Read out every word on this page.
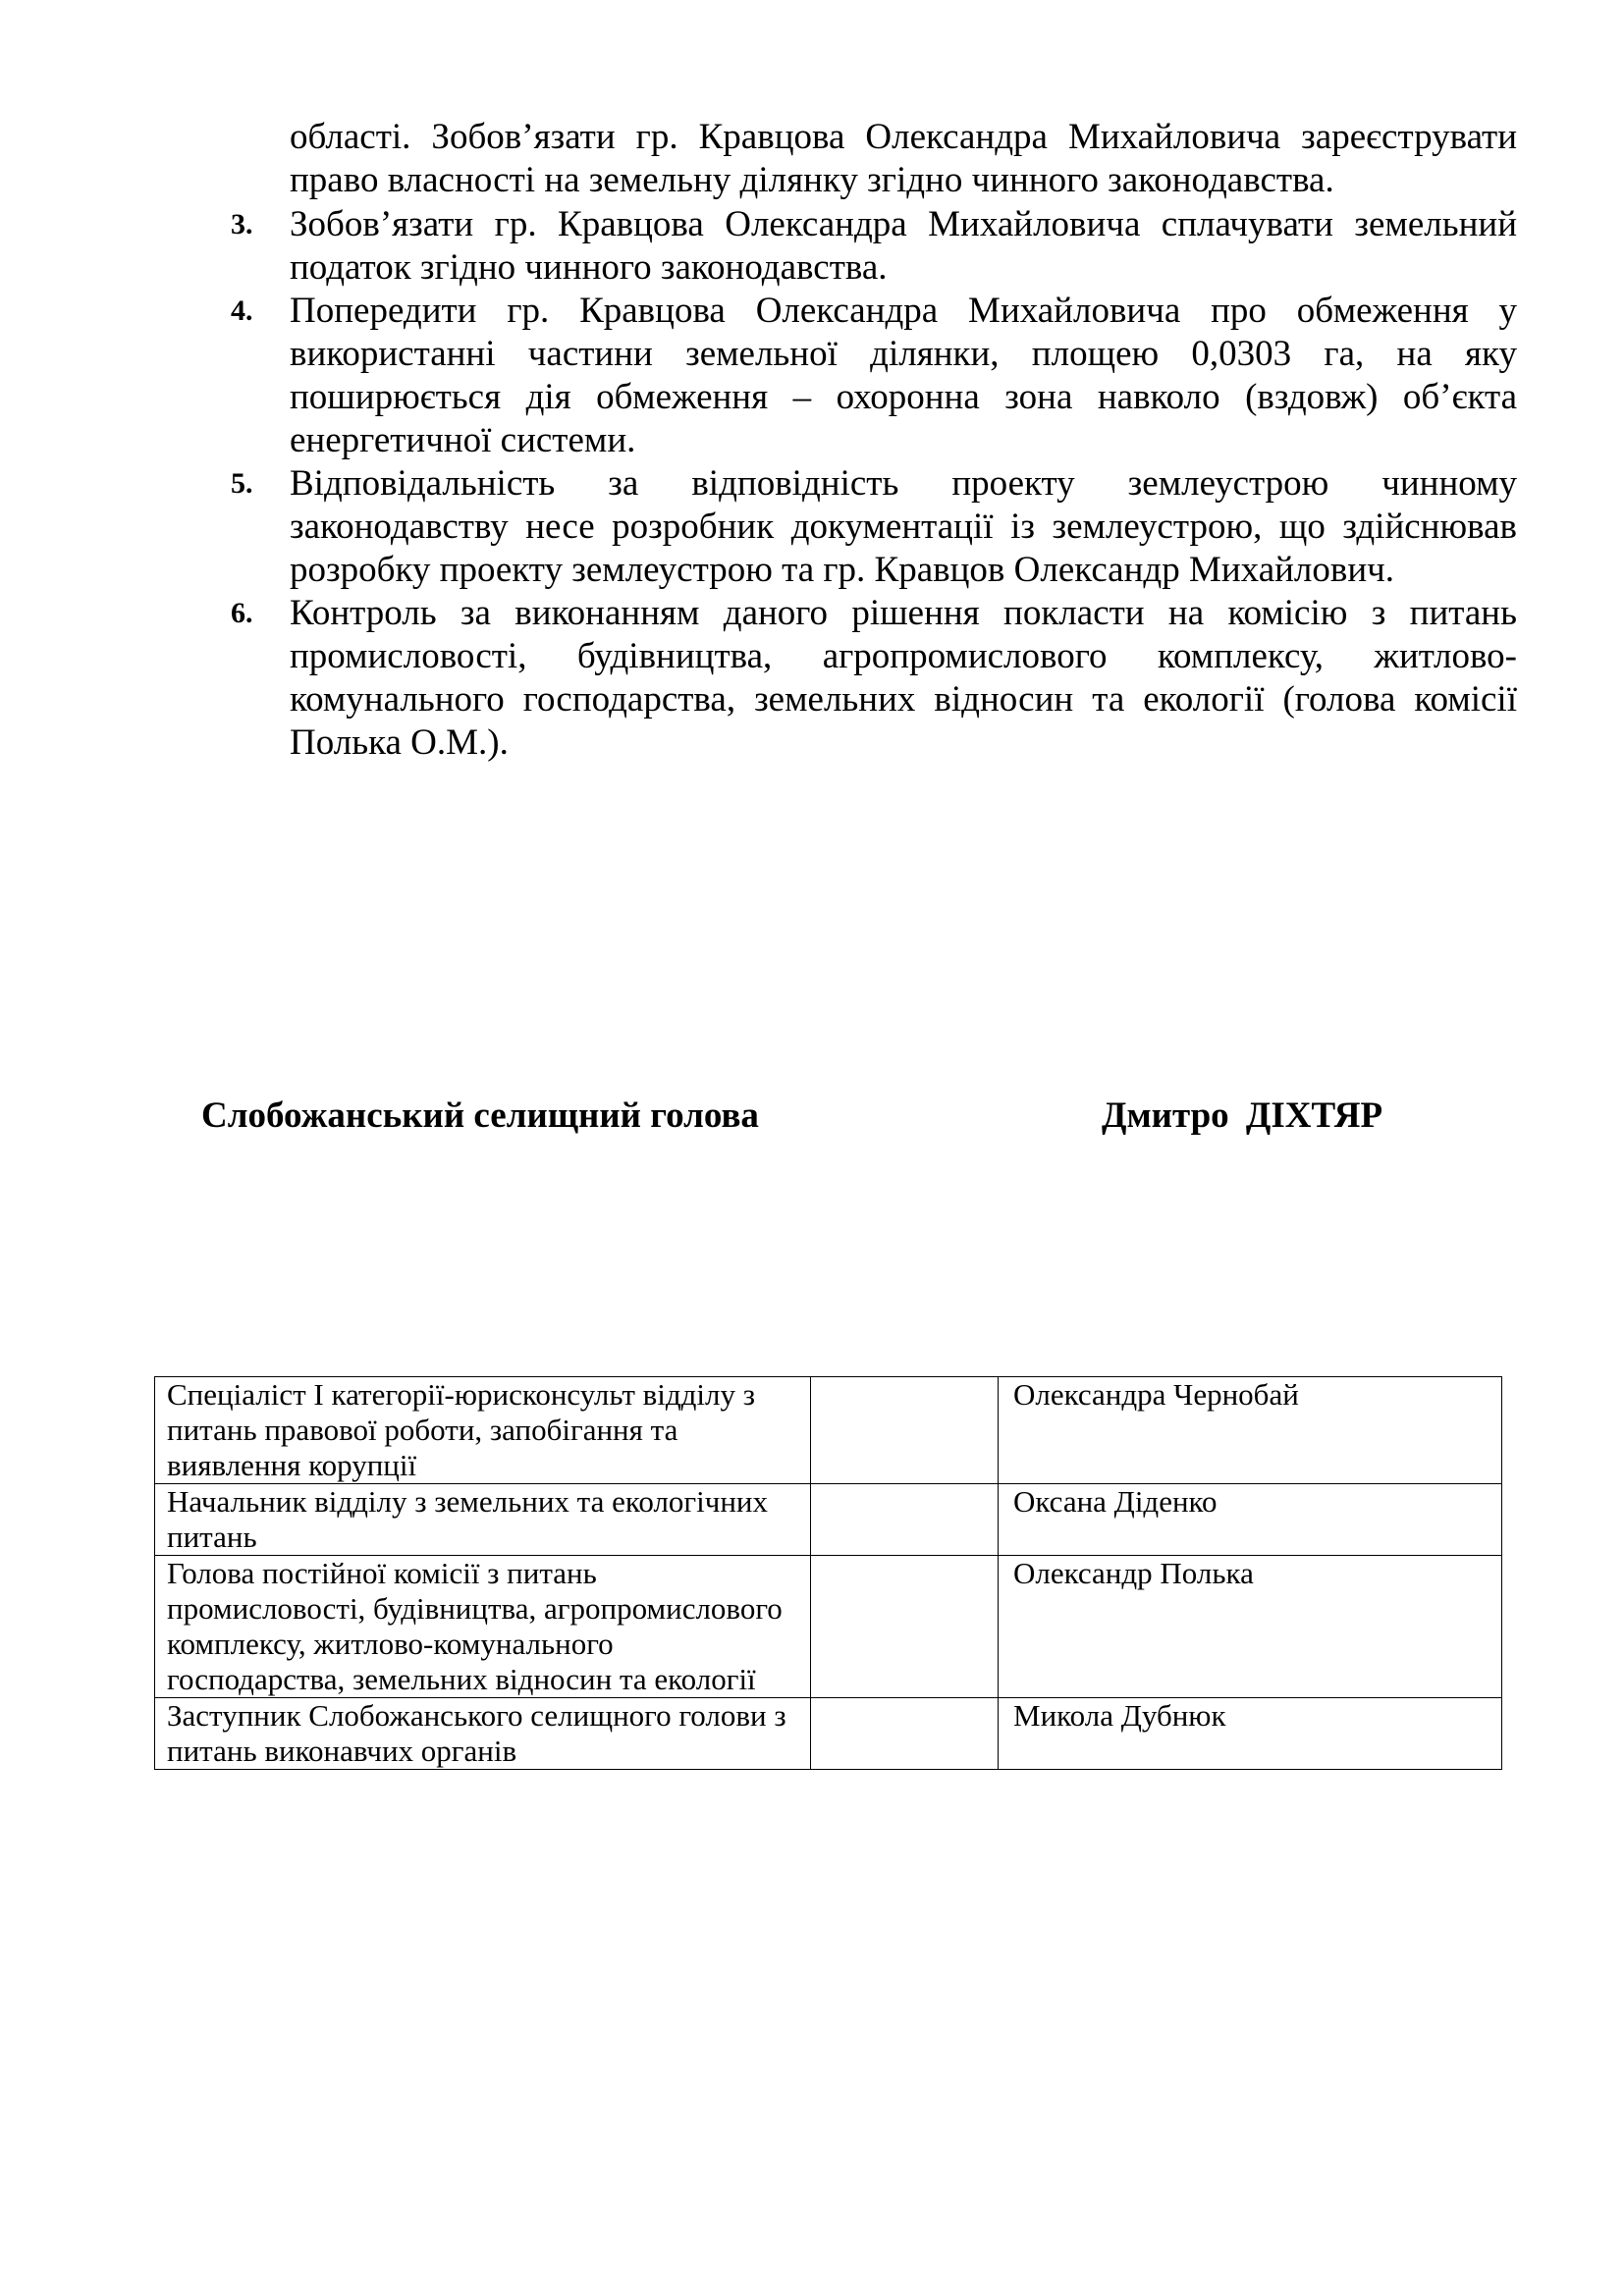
області. Зобов’язати гр. Кравцова Олександра Михайловича зареєструвати

право власності на земельну ділянку згідно чинного законодавства.

3.	Зобов’язати гр. Кравцова Олександра Михайловича сплачувати земельний податок згідно чинного законодавства.
4.	Попередити гр. Кравцова Олександра Михайловича про обмеження у використанні частини земельної ділянки, площею 0,0303 га, на яку поширюється дія обмеження – охоронна зона навколо (вздовж) об’єкта енергетичної системи.
5.	Відповідальність за відповідність проекту землеустрою чинному законодавству несе розробник документації із землеустрою, що здійснював розробку проекту землеустрою та гр. Кравцов Олександр Михайлович.
6.	Контроль за виконанням даного рішення покласти на комісію з питань промисловості, будівництва, агропромислового комплексу, житлово-комунального господарства, земельних відносин та екології (голова комісії Полька О.М.).
Слобожанський селищний голова	Дмитро ДІХТЯР
Спеціаліст І категорії-юрисконсульт відділу з питань правової роботи, запобігання та виявлення корупції		Олександра Чернобай
Начальник відділу з земельних та екологічних питань		Оксана Діденко
Голова постійної комісії з питань промисловості, будівництва, агропромислового комплексу, житлово-комунального господарства, земельних відносин та екології		Олександр Полька
Заступник Слобожанського селищного голови з питань виконавчих органів		Микола Дубнюк
